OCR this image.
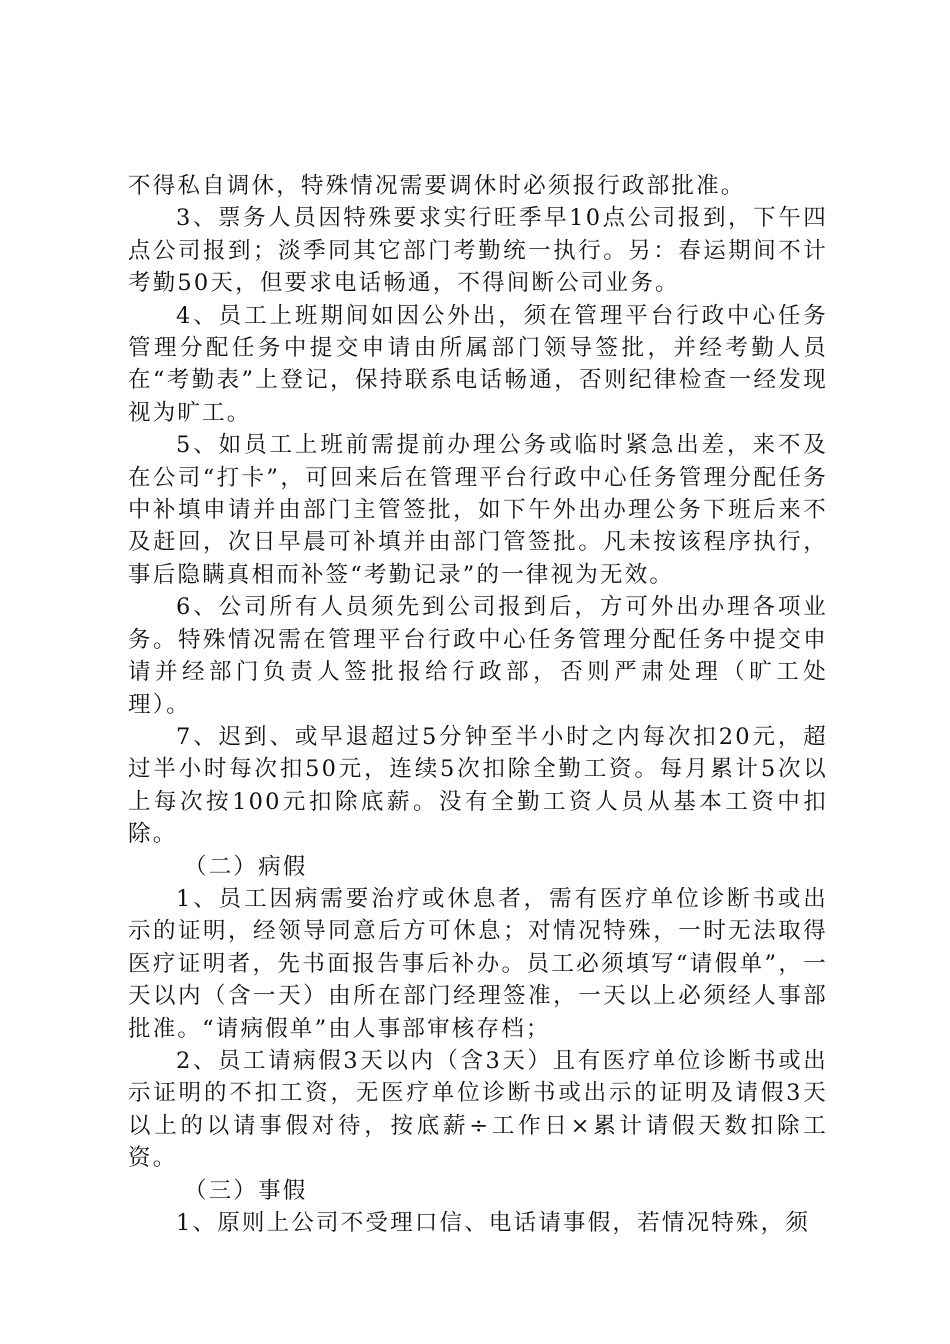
不得私自调休，特殊情况需要调休时必须报行政部批准。

3、票务人员因特殊要求实行旺季早10点公司报到，下午四点公司报到；淡季同其它部门考勤统一执行。另：春运期间不计考勤50天，但要求电话畅通，不得间断公司业务。

4、员工上班期间如因公外出，须在管理平台行政中心任务管理分配任务中提交申请由所属部门领导签批，并经考勤人员在“考勤表”上登记，保持联系电话畅通，否则纪律检查一经发现视为旷工。

5、如员工上班前需提前办理公务或临时紧急出差，来不及在公司“打卡”，可回来后在管理平台行政中心任务管理分配任务中补填申请并由部门主管签批，如下午外出办理公务下班后来不及赶回，次日早晨可补填并由部门管签批。凡未按该程序执行，事后隐瞒真相而补签“考勤记录”的一律视为无效。

6、公司所有人员须先到公司报到后，方可外出办理各项业务。特殊情况需在管理平台行政中心任务管理分配任务中提交申请并经部门负责人签批报给行政部，否则严肃处理（旷工处理）。

7、迟到、或早退超过5分钟至半小时之内每次扣20元，超过半小时每次扣50元，连续5次扣除全勤工资。每月累计5次以上每次按100元扣除底薪。没有全勤工资人员从基本工资中扣除。

（二）病假

1、员工因病需要治疗或休息者，需有医疗单位诊断书或出示的证明，经领导同意后方可休息；对情况特殊，一时无法取得医疗证明者，先书面报告事后补办。员工必须填写“请假单”，一天以内（含一天）由所在部门经理签准，一天以上必须经人事部批准。“请病假单”由人事部审核存档；

2、员工请病假3天以内（含3天）且有医疗单位诊断书或出示证明的不扣工资，无医疗单位诊断书或出示的证明及请假3天以上的以请事假对待，按底薪÷工作日×累计请假天数扣除工资。

（三）事假

1、原则上公司不受理口信、电话请事假，若情况特殊，须
